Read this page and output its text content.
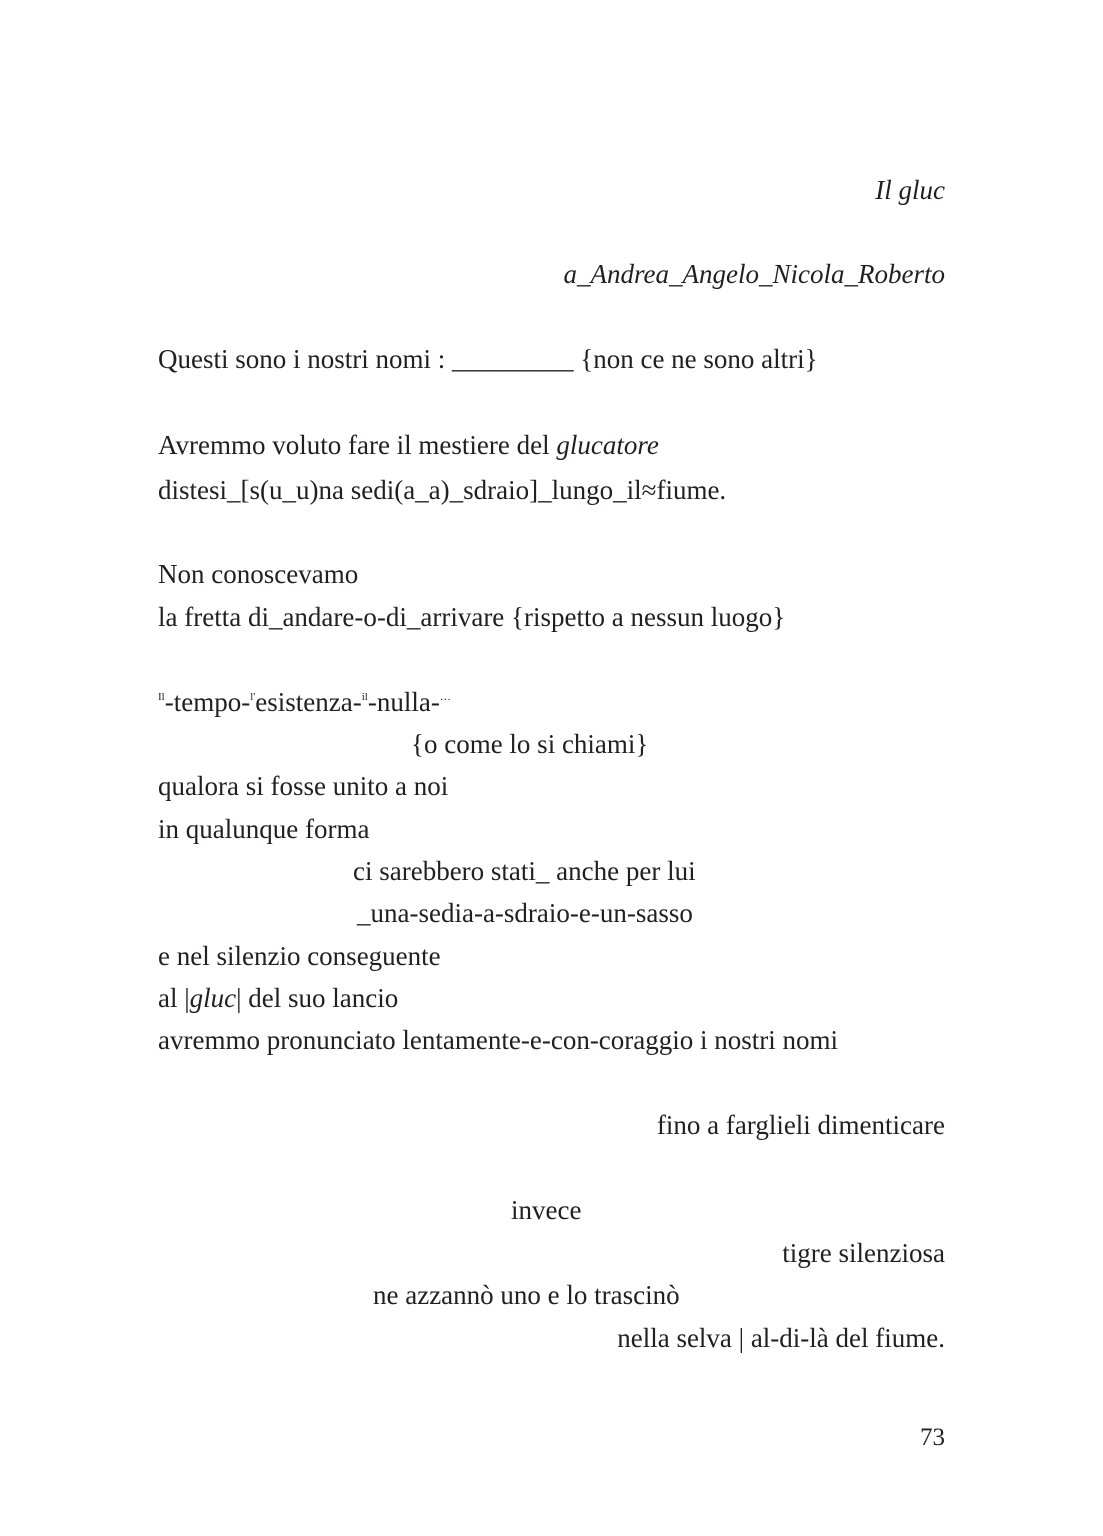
Il gluc
a_Andrea_Angelo_Nicola_Roberto
Questi sono i nostri nomi : _________ {non ce ne sono altri}
Avremmo voluto fare il mestiere del glucatore
distesi_[s(u_u)na sedi(a_a)_sdraio]_lungo_il≈fiume.
Non conoscevamo
la fretta di_andare-o-di_arrivare {rispetto a nessun luogo}
$^{Il}$-tempo-$^{l'}$esistenza-$^{il}$-nulla-…
{o come lo si chiami}
qualora si fosse unito a noi
in qualunque forma
ci sarebbero stati_ anche per lui
_una-sedia-a-sdraio-e-un-sasso
e nel silenzio conseguente
al |gluc| del suo lancio
avremmo pronunciato lentamente-e-con-coraggio i nostri nomi
fino a farglieli dimenticare
invece
tigre silenziosa
ne azzannò uno e lo trascinò
nella selva | al-di-là del fiume.
73
